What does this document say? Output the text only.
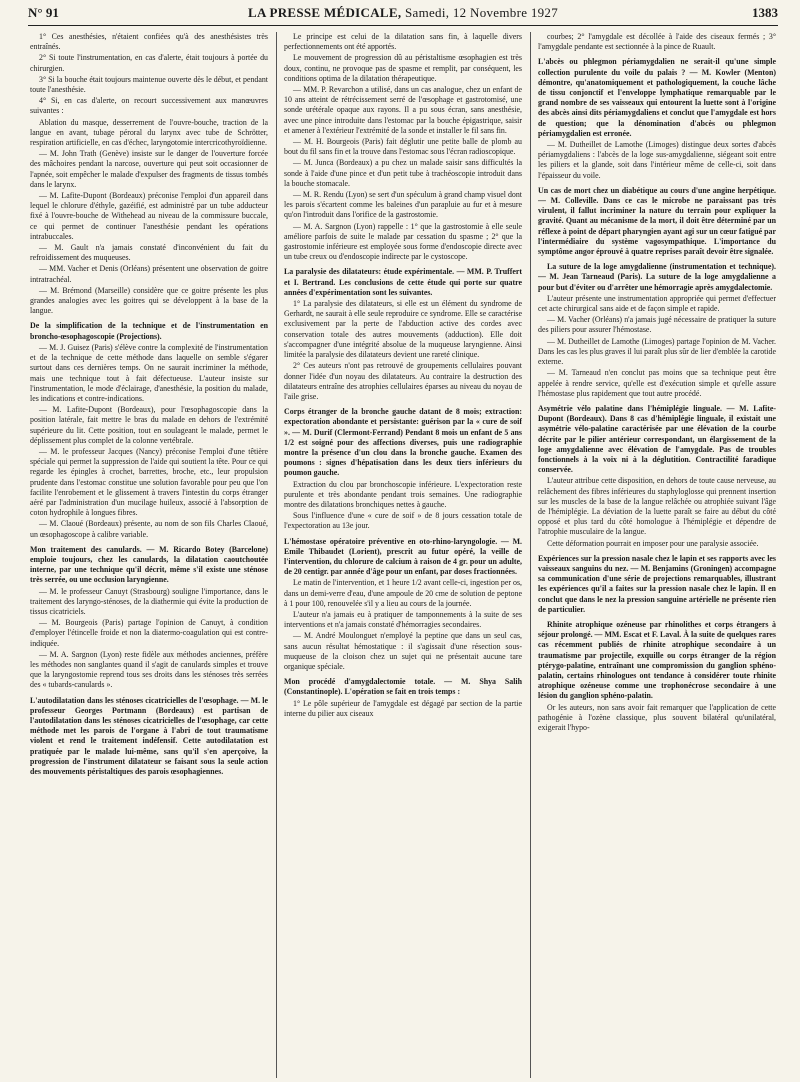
N° 91	LA PRESSE MÉDICALE, Samedi, 12 Novembre 1927	1383

1° Ces anesthésies, n'étaient confiées qu'à des anesthésistes très entraînés.

2° Si toute l'instrumentation, en cas d'alerte, était toujours à portée du chirurgien.

3° Si la bouche était toujours maintenue ouverte dès le début, et pendant toute l'anesthésie.

4° Si, en cas d'alerte, on recourt successivement aux manœuvres suivantes :

Ablation du masque, desserrement de l'ouvre-bouche, traction de la langue en avant, tubage péroral du larynx avec tube de Schrötter, respiration artificielle, en cas d'échec, laryngotomie intercricothyroïdienne.

— M. John Trath (Genève) insiste sur le danger de l'ouverture forcée des mâchoires pendant la narcose, ouverture qui peut soit occasionner de l'apnée, soit empêcher le malade d'expulser des fragments de tissus tombés dans le larynx.

— M. Lafite-Dupont (Bordeaux) préconise l'emploi d'un appareil dans lequel le chlorure d'éthyle, gazéifié, est administré par un tube adducteur fixé à l'ouvre-bouche de Withehead au niveau de la commissure buccale, ce qui permet de continuer l'anesthésie pendant les opérations intrabuccales.

— M. Gault n'a jamais constaté d'inconvénient du fait du refroidissement des muqueuses.

— MM. Vacher et Denis (Orléans) présentent une observation de goitre intratrachéal.

— M. Brémond (Marseille) considère que ce goitre présente les plus grandes analogies avec les goitres qui se développent à la base de la langue.

De la simplification de la technique et de l'instrumentation en broncho-œsophagoscopie (Projections).

— M. J. Guisez (Paris) s'élève contre la complexité de l'instrumentation et de la technique de cette méthode dans laquelle on semble s'égarer surtout dans ces dernières temps. On ne saurait incriminer la méthode, mais une technique tout à fait défectueuse. L'auteur insiste sur l'instrumentation, le mode d'éclairage, d'anesthésie, la position du malade, les indications et contre-indications.

— M. Lafite-Dupont (Bordeaux), pour l'œsophagoscopie dans la position latérale, fait mettre le bras du malade en dehors de l'extrémité supérieure du lit. Cette position, tout en soulageant le malade, permet le déplissement plus complet de la colonne vertébrale.

— M. le professeur Jacques (Nancy) préconise l'emploi d'une têtière spéciale qui permet la suppression de l'aide qui soutient la tête. Pour ce qui regarde les épingles à crochet, barrettes, broche, etc., leur propulsion prudente dans l'estomac constitue une solution favorable pour peu que l'on facilite l'enrobement et le glissement à travers l'intestin du corps étranger aéré par l'administration d'un mucilage huileux, associé à l'absorption de coton hydrophile à longues fibres.

— M. Claoué (Bordeaux) présente, au nom de son fils Charles Claoué, un œsophagoscope à calibre variable.

Mon traitement des canulards. — M. Ricardo Botey (Barcelone) emploie toujours, chez les canulards, la dilatation caoutchoutée interne, par une technique qu'il décrit, même s'il existe une sténose très serrée, ou une occlusion laryngienne.

— M. le professeur Canuyt (Strasbourg) souligne l'importance, dans le traitement des laryngo-sténoses, de la diathermie qui évite la production de tissus cicatriciels.

— M. Bourgeois (Paris) partage l'opinion de Canuyt, à condition d'employer l'étincelle froide et non la diatermo-coagulation qui est contre-indiquée.

— M. A. Sargnon (Lyon) reste fidèle aux méthodes anciennes, préfère les méthodes non sanglantes quand il s'agit de canulards simples et trouve que la laryngostomie reprend tous ses droits dans les sténoses très serrées des « tubards-canulards ».

L'autodilatation dans les sténoses cicatricielles de l'œsophage. — M. le professeur Georges Portmann (Bordeaux) est partisan de l'autodilatation dans les sténoses cicatricielles de l'œsophage, car cette méthode met les parois de l'organe à l'abri de tout traumatisme violent et rend le traitement indéfensif. Cette autodilatation est pratiquée par le malade lui-même, sans qu'il s'en aperçoive, la progression de l'instrument dilatateur se faisant sous la seule action des mouvements péristaltiques des parois œsophagiennes.

Le principe est celui de la dilatation sans fin, à laquelle divers perfectionnements ont été apportés.

Le mouvement de progression dû au péristaltisme œsophagien est très doux, continu, ne provoque pas de spasme et remplit, par conséquent, les conditions optima de la dilatation thérapeutique.

— MM. P. Revarchon a utilisé, dans un cas analogue, chez un enfant de 10 ans atteint de rétrécissement serré de l'œsophage et gastrotomisé, une sonde urétérale opaque aux rayons. Il a pu sous écran, sans anesthésie, avec une pince introduite dans l'estomac par la bouche épigastrique, saisir et amener à l'extérieur l'extrémité de la sonde et installer le fil sans fin.

— M. H. Bourgeois (Paris) fait déglutir une petite balle de plomb au bout du fil sans fin et la trouve dans l'estomac sous l'écran radioscopique.

— M. Junca (Bordeaux) a pu chez un malade saisir sans difficultés la sonde à l'aide d'une pince et d'un petit tube à trachéoscopie introduit dans la bouche stomacale.

— M. R. Rendu (Lyon) se sert d'un spéculum à grand champ visuel dont les parois s'écartent comme les baleines d'un parapluie au fur et à mesure qu'on l'introduit dans l'orifice de la gastrostomie.

— M. A. Sargnon (Lyon) rappelle : 1° que la gastrostomie à elle seule améliore parfois de suite le malade par cessation du spasme ; 2° que la gastrostomie inférieure est employée sous forme d'endoscopie directe avec un tube creux ou d'endoscopie indirecte par le cystoscope.

La paralysie des dilatateurs: étude expérimentale. — MM. P. Truffert et I. Bertrand. Les conclusions de cette étude qui porte sur quatre années d'expérimentation sont les suivantes.

1° La paralysie des dilatateurs, si elle est un élément du syndrome de Gerhardt, ne saurait à elle seule reproduire ce syndrome. Elle se caractérise exclusivement par la perte de l'abduction active des cordes avec conservation totale des autres mouvements (adduction). Elle doit s'accompagner d'une intégrité absolue de la muqueuse laryngienne. Ainsi limitée la paralysie des dilatateurs devient une rareté clinique.

2° Ces auteurs n'ont pas retrouvé de groupements cellulaires pouvant donner l'idée d'un noyau des dilatateurs. Au contraire la destruction des dilatateurs entraîne des atrophies cellulaires éparses au niveau du noyau de l'aile grise.

Corps étranger de la bronche gauche datant de 8 mois; extraction: expectoration abondante et persistante: guérison par la « cure de soif ». — M. Durif (Clermont-Ferrand) Pendant 8 mois un enfant de 5 ans 1/2 est soigné pour des affections diverses, puis une radiographie montre la présence d'un clou dans la bronche gauche. Examen des poumons : signes d'hépatisation dans les deux tiers inférieurs du poumon gauche.

Extraction du clou par bronchoscopie inférieure. L'expectoration reste purulente et très abondante pendant trois semaines. Une radiographie montre des dilatations bronchiques nettes à gauche.

Sous l'influence d'une « cure de soif » de 8 jours cessation totale de l'expectoration au 13e jour.

L'hémostase opératoire préventive en oto-rhino-laryngologie. — M. Emile Thibaudet (Lorient), prescrit au futur opéré, la veille de l'intervention, du chlorure de calcium à raison de 4 gr. pour un adulte, de 20 centigr. par année d'âge pour un enfant, par doses fractionnées.

Le matin de l'intervention, et 1 heure 1/2 avant celle-ci, ingestion per os, dans un demi-verre d'eau, d'une ampoule de 20 cme de solution de peptone à 1 pour 100, renouvelée s'il y a lieu au cours de la journée.

L'auteur n'a jamais eu à pratiquer de tamponnements à la suite de ses interventions et n'a jamais constaté d'hémorragies secondaires.

— M. André Moulonguet n'employé la peptine que dans un seul cas, sans aucun résultat hémostatique : il s'agissait d'une résection sous-muqueuse de la cloison chez un sujet qui ne présentait aucune tare organique spéciale.

Mon procédé d'amygdalectomie totale. — M. Shya Salih (Constantinople). L'opération se fait en trois temps :

1° Le pôle supérieur de l'amygdale est dégagé par section de la partie interne du pilier aux ciseaux

courbes; 2° l'amygdale est décollée à l'aide des ciseaux fermés ; 3° l'amygdale pendante est sectionnée à la pince de Ruault.

L'abcès ou phlegmon périamygdalien ne serait-il qu'une simple collection purulente du voile du palais ? — M. Kowler (Menton) démontre, qu'anatomiquement et pathologiquement, la couche lâche de tissu conjonctif et l'enveloppe lymphatique remarquable par le grand nombre de ses vaisseaux qui entourent la luette sont à l'origine des abcès ainsi dits périamygdaliens et conclut que l'amygdale est hors de question; que la dénomination d'abcès ou phlegmon périamygdalien est erronée.

— M. Dutheillet de Lamothe (Limoges) distingue deux sortes d'abcès périamygdaliens : l'abcès de la loge sus-amygdalienne, siégeant soit entre les piliers et la glande, soit dans l'intérieur même de celle-ci, soit dans l'épaisseur du voile.

Un cas de mort chez un diabétique au cours d'une angine herpétique. — M. Colleville. Dans ce cas le microbe ne paraissant pas très virulent, il fallut incriminer la nature du terrain pour expliquer la gravité. Quant au mécanisme de la mort, il doit être déterminé par un réflexe à point de départ pharyngien ayant agi sur un cœur fatigué par l'intermédiaire du système vagosympathique. L'importance du symptôme angor éprouvé à quatre reprises paraît devoir être signalée.

La suture de la loge amygdalienne (instrumentation et technique). — M. Jean Tarneaud (Paris). La suture de la loge amygdalienne a pour but d'éviter ou d'arrêter une hémorragie après amygdalectomie.

L'auteur présente une instrumentation appropriée qui permet d'effectuer cet acte chirurgical sans aide et de façon simple et rapide.

— M. Vacher (Orléans) n'a jamais jugé nécessaire de pratiquer la suture des piliers pour assurer l'hémostase.

— M. Dutheillet de Lamothe (Limoges) partage l'opinion de M. Vacher. Dans les cas les plus graves il lui paraît plus sûr de lier d'emblée la carotide externe.

— M. Tarneaud n'en conclut pas moins que sa technique peut être appelée à rendre service, qu'elle est d'exécution simple et qu'elle assure l'hémostase plus rapidement que tout autre procédé.

Asymétrie vélo palatine dans l'hémiplégie linguale. — M. Lafite-Dupont (Bordeaux). Dans 8 cas d'hémiplégie linguale, il existait une asymétrie vélo-palatine caractérisée par une élévation de la courbe décrite par le pilier antérieur correspondant, un élargissement de la loge amygdalienne avec élévation de l'amygdale. Pas de troubles fonctionnels à la voix ni à la déglutition. Contractilité faradique conservée.

L'auteur attribue cette disposition, en dehors de toute cause nerveuse, au relâchement des fibres inférieures du staphyloglosse qui prennent insertion sur les muscles de la base de la langue relâchée ou atrophiée suivant l'âge de l'hémiplégie. La déviation de la luette paraît se faire au début du côté opposé et plus tard du côté homologue à l'hémiplégie et dépendre de l'atrophie musculaire de la langue.

Cette déformation pourrait en imposer pour une paralysie associée.

Expériences sur la pression nasale chez le lapin et ses rapports avec les vaisseaux sanguins du nez. — M. Benjamins (Groningen) accompagne sa communication d'une série de projections remarquables, illustrant les expériences qu'il a faites sur la pression nasale chez le lapin. Il en conclut que dans le nez la pression sanguine artérielle ne présente rien de particulier.

Rhinite atrophique ozéneuse par rhinolithes et corps étrangers à séjour prolongé. — MM. Escat et F. Laval. À la suite de quelques rares cas récemment publiés de rhinite atrophique secondaire à un traumatisme par projectile, exquille ou corps étranger de la région ptérygo-palatine, entraînant une compromission du ganglion sphéno-palatin, certains rhinologues ont tendance à considérer toute rhinite atrophique ozéneuse comme une trophonécrose secondaire à une lésion du ganglion sphéno-palatin.

Or les auteurs, non sans avoir fait remarquer que l'application de cette pathogénie à l'ozène classique, plus souvent bilatéral qu'unilatéral, exigerait l'hypo-
